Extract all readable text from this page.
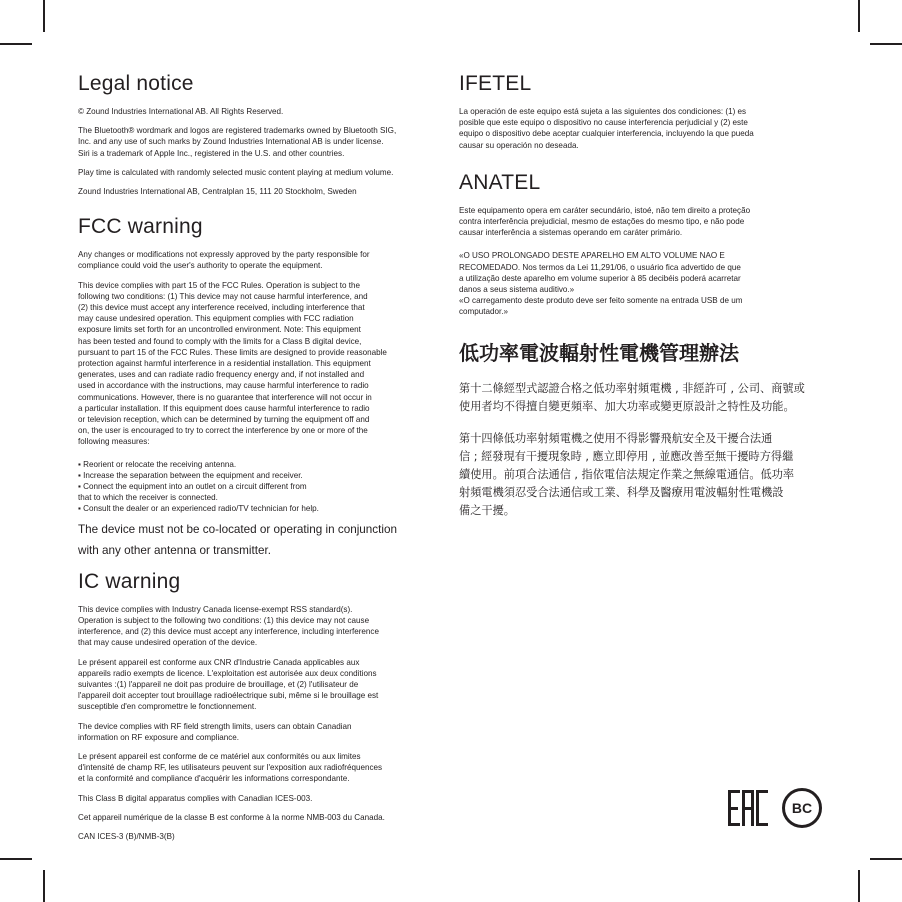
Legal notice

© Zound Industries International AB. All Rights Reserved.

The Bluetooth® wordmark and logos are registered trademarks owned by Bluetooth SIG,
Inc. and any use of such marks by Zound Industries International AB is under license.
Siri is a trademark of Apple Inc., registered in the U.S. and other countries.

Play time is calculated with randomly selected music content playing at medium volume.

Zound Industries International AB, Centralplan 15, 111 20 Stockholm, Sweden

FCC warning

Any changes or modifications not expressly approved by the party responsible for
compliance could void the user's authority to operate the equipment.

This device complies with part 15 of the FCC Rules. Operation is subject to the
following two conditions: (1) This device may not cause harmful interference, and
(2) this device must accept any interference received, including interference that
may cause undesired operation. This equipment complies with FCC radiation
exposure limits set forth for an uncontrolled environment. Note: This equipment
has been tested and found to comply with the limits for a Class B digital device,
pursuant to part 15 of the FCC Rules. These limits are designed to provide reasonable
protection against harmful interference in a residential installation. This equipment
generates, uses and can radiate radio frequency energy and, if not installed and
used in accordance with the instructions, may cause harmful interference to radio
communications. However, there is no guarantee that interference will not occur in
a particular installation. If this equipment does cause harmful interference to radio
or television reception, which can be determined by turning the equipment off and
on, the user is encouraged to try to correct the interference by one or more of the
following measures:

▪ Reorient or relocate the receiving antenna.
▪ Increase the separation between the equipment and receiver.
▪ Connect the equipment into an outlet on a circuit different from
that to which the receiver is connected.
▪ Consult the dealer or an experienced radio/TV technician for help.

The device must not be co-located or operating in conjunction
with any other antenna or transmitter.

IC warning

This device complies with Industry Canada license-exempt RSS standard(s).
Operation is subject to the following two conditions: (1) this device may not cause
interference, and (2) this device must accept any interference, including interference
that may cause undesired operation of the device.

Le présent appareil est conforme aux CNR d'Industrie Canada applicables aux
appareils radio exempts de licence. L'exploitation est autorisée aux deux conditions
suivantes :(1) l'appareil ne doit pas produire de brouillage, et (2) l'utilisateur de
l'appareil doit accepter tout brouillage radioélectrique subi, même si le brouillage est
susceptible d'en compromettre le fonctionnement.

The device complies with RF field strength limits, users can obtain Canadian
information on RF exposure and compliance.

Le présent appareil est conforme de ce matériel aux conformités ou aux limites
d'intensité de champ RF, les utilisateurs peuvent sur l'exposition aux radiofréquences
et la conformité and compliance d'acquérir les informations correspondante.

This Class B digital apparatus complies with Canadian ICES-003.

Cet appareil numérique de la classe B est conforme à la norme NMB-003 du Canada.

CAN ICES-3 (B)/NMB-3(B)

IFETEL

La operación de este equipo está sujeta a las siguientes dos condiciones: (1) es
posible que este equipo o dispositivo no cause interferencia perjudicial y (2) este
equipo o dispositivo debe aceptar cualquier interferencia, incluyendo la que pueda
causar su operación no deseada.

ANATEL

Este equipamento opera em caráter secundário, istoé, não tem direito a proteção
contra interferência prejudicial, mesmo de estações do mesmo tipo, e não pode
causar interferência a sistemas operando em caráter primário.

«O USO PROLONGADO DESTE APARELHO EM ALTO VOLUME NAO E
RECOMEDADO. Nos termos da Lei 11,291/06, o usuário fica advertido de que
a utilização deste aparelho em volume superior à 85 decibéis poderá acarretar
danos a seus sistema auditivo.»
«O carregamento deste produto deve ser feito somente na entrada USB de um
computador.»

低功率電波輻射性電機管理辦法

第十二條經型式認證合格之低功率射頻電機 , 非經許可 , 公司、商號或
使用者均不得擅自變更頻率、加大功率或變更原設計之特性及功能。

第十四條低功率射頻電機之使用不得影響飛航安全及干擾合法通
信 ; 經發現有干擾現象時 , 應立即停用 , 並應改善至無干擾時方得繼
續使用。前項合法通信 , 指依電信法規定作業之無線電通信。低功率
射頻電機須忍受合法通信或工業、科學及醫療用電波輻射性電機設
備之干擾。

BC
